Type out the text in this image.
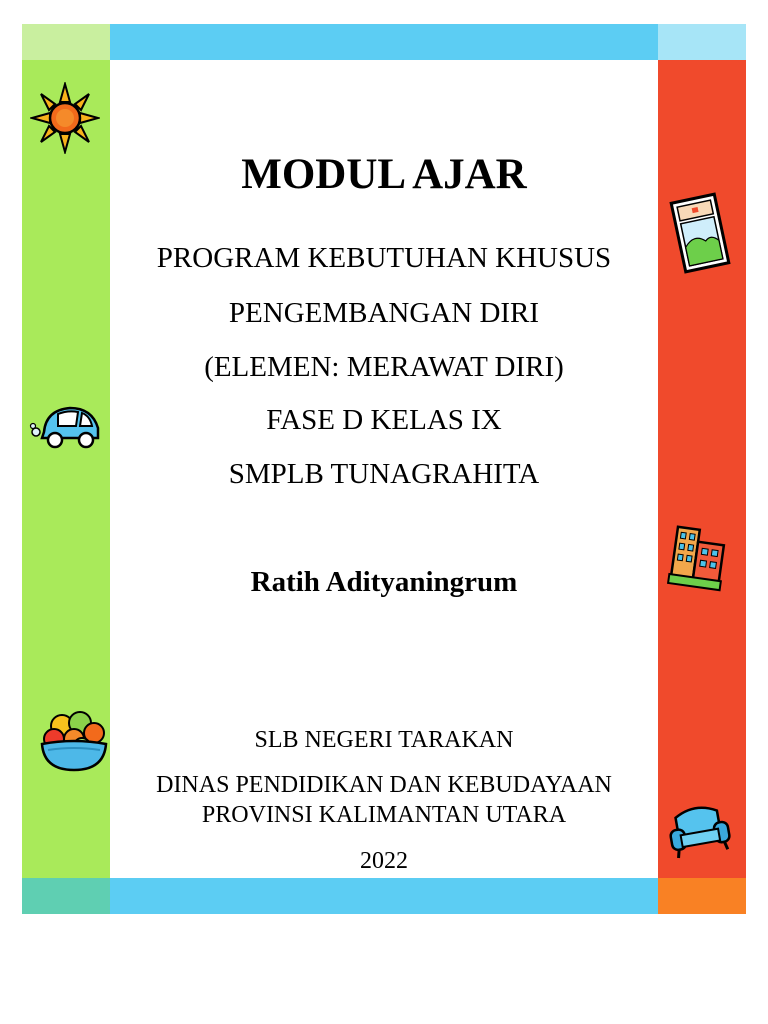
MODUL AJAR

PROGRAM KEBUTUHAN KHUSUS

PENGEMBANGAN DIRI

(ELEMEN: MERAWAT DIRI)

FASE D KELAS IX

SMPLB TUNAGRAHITA

Ratih Adityaningrum

SLB NEGERI TARAKAN

DINAS PENDIDIKAN DAN KEBUDAYAAN

PROVINSI KALIMANTAN UTARA

2022
